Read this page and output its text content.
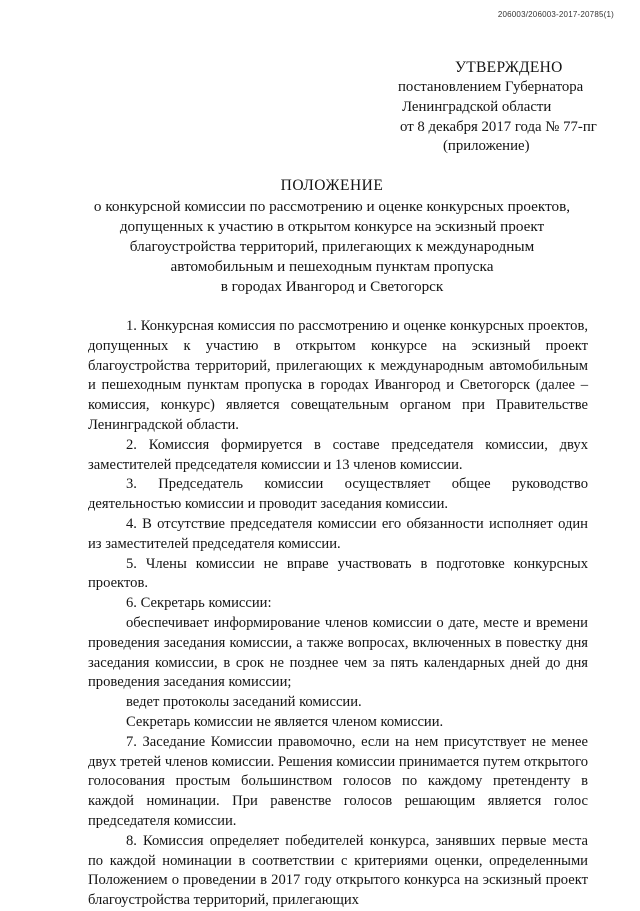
206003/206003-2017-20785(1)
УТВЕРЖДЕНО
постановлением Губернатора
Ленинградской области
от 8 декабря 2017 года № 77-пг
(приложение)
ПОЛОЖЕНИЕ
о конкурсной комиссии по рассмотрению и оценке конкурсных проектов,
допущенных к участию в открытом конкурсе на эскизный проект
благоустройства территорий, прилегающих к международным
автомобильным и пешеходным пунктам пропуска
в городах Ивангород и Светогорск

1. Конкурсная комиссия по рассмотрению и оценке конкурсных проектов, допущенных к участию в открытом конкурсе на эскизный проект благоустройства территорий, прилегающих к международным автомобильным и пешеходным пунктам пропуска в городах Ивангород и Светогорск (далее – комиссия, конкурс) является совещательным органом при Правительстве Ленинградской области.

2. Комиссия формируется в составе председателя комиссии, двух заместителей председателя комиссии и 13 членов комиссии.

3. Председатель комиссии осуществляет общее руководство деятельностью комиссии и проводит заседания комиссии.

4. В отсутствие председателя комиссии его обязанности исполняет один из заместителей председателя комиссии.

5. Члены комиссии не вправе участвовать в подготовке конкурсных проектов.

6. Секретарь комиссии:

обеспечивает информирование членов комиссии о дате, месте и времени проведения заседания комиссии, а также вопросах, включенных в повестку дня заседания комиссии, в срок не позднее чем за пять календарных дней до дня проведения заседания комиссии;

ведет протоколы заседаний комиссии.

Секретарь комиссии не является членом комиссии.

7. Заседание Комиссии правомочно, если на нем присутствует не менее двух третей членов комиссии. Решения комиссии принимается путем открытого голосования простым большинством голосов по каждому претенденту в каждой номинации. При равенстве голосов решающим является голос председателя комиссии.

8. Комиссия определяет победителей конкурса, занявших первые места по каждой номинации в соответствии с критериями оценки, определенными Положением о проведении в 2017 году открытого конкурса на эскизный проект благоустройства территорий, прилегающих
